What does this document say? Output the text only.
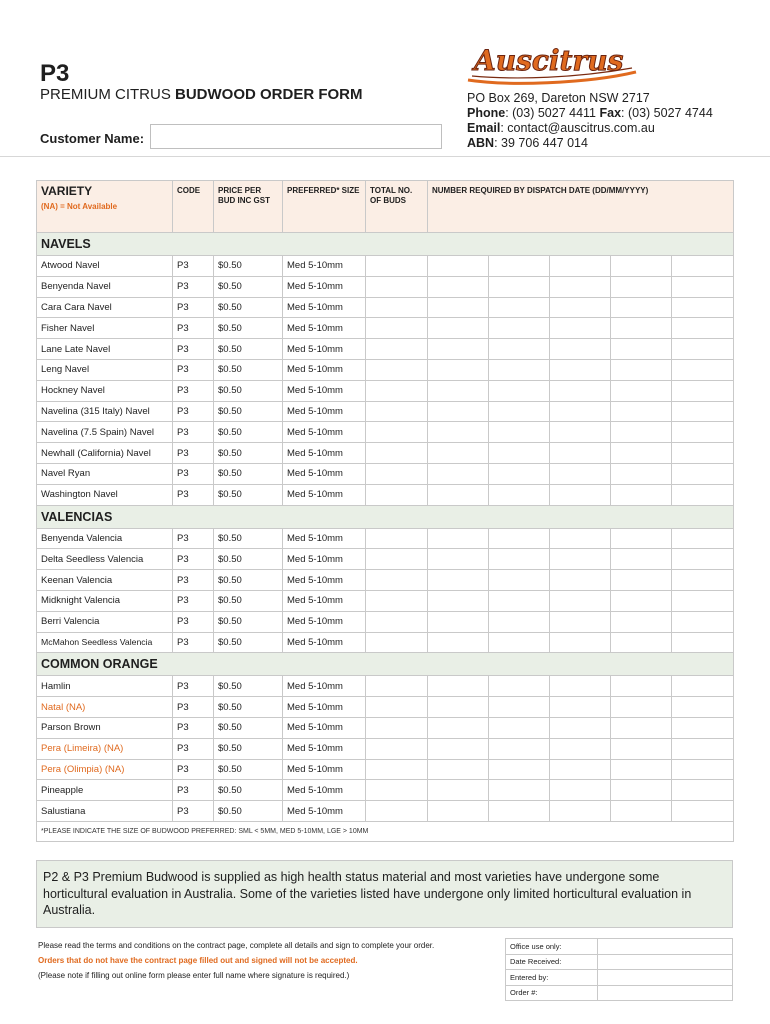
P3
PREMIUM CITRUS BUDWOOD ORDER FORM
Customer Name:
Auscitrus
PO Box 269, Dareton NSW 2717
Phone: (03) 5027 4411 Fax: (03) 5027 4744
Email: contact@auscitrus.com.au
ABN: 39 706 447 014
VARIETY
(NA) = Not Available	CODE	PRICE PER BUD INC GST	PREFERRED* SIZE	TOTAL NO. OF BUDS	NUMBER REQUIRED BY DISPATCH DATE (DD/MM/YYYY)				
NAVELS									
Atwood Navel	P3	$0.50	Med 5-10mm						
Benyenda Navel	P3	$0.50	Med 5-10mm						
Cara Cara Navel	P3	$0.50	Med 5-10mm						
Fisher Navel	P3	$0.50	Med 5-10mm						
Lane Late Navel	P3	$0.50	Med 5-10mm						
Leng Navel	P3	$0.50	Med 5-10mm						
Hockney Navel	P3	$0.50	Med 5-10mm						
Navelina (315 Italy) Navel	P3	$0.50	Med 5-10mm						
Navelina (7.5 Spain) Navel	P3	$0.50	Med 5-10mm						
Newhall (California) Navel	P3	$0.50	Med 5-10mm						
Navel Ryan	P3	$0.50	Med 5-10mm						
Washington Navel	P3	$0.50	Med 5-10mm						
VALENCIAS									
Benyenda Valencia	P3	$0.50	Med 5-10mm						
Delta Seedless Valencia	P3	$0.50	Med 5-10mm						
Keenan Valencia	P3	$0.50	Med 5-10mm						
Midknight Valencia	P3	$0.50	Med 5-10mm						
Berri Valencia	P3	$0.50	Med 5-10mm						
McMahon Seedless Valencia	P3	$0.50	Med 5-10mm						
COMMON ORANGE									
Hamlin	P3	$0.50	Med 5-10mm						
Natal (NA)	P3	$0.50	Med 5-10mm						
Parson Brown	P3	$0.50	Med 5-10mm						
Pera (Limeira) (NA)	P3	$0.50	Med 5-10mm						
Pera (Olimpia) (NA)	P3	$0.50	Med 5-10mm						
Pineapple	P3	$0.50	Med 5-10mm						
Salustiana	P3	$0.50	Med 5-10mm						
*PLEASE INDICATE THE SIZE OF BUDWOOD PREFERRED: SML < 5MM, MED 5-10MM, LGE > 10MM									
P2 & P3 Premium Budwood is supplied as high health status material and most varieties have undergone some horticultural evaluation in Australia. Some of the varieties listed have undergone only limited horticultural evaluation in Australia.
Please read the terms and conditions on the contract page, complete all details and sign to complete your order.
Orders that do not have the contract page filled out and signed will not be accepted.
(Please note if filling out online form please enter full name where signature is required.)
Office use only:	
Date Received:	
Entered by:	
Order #:	
